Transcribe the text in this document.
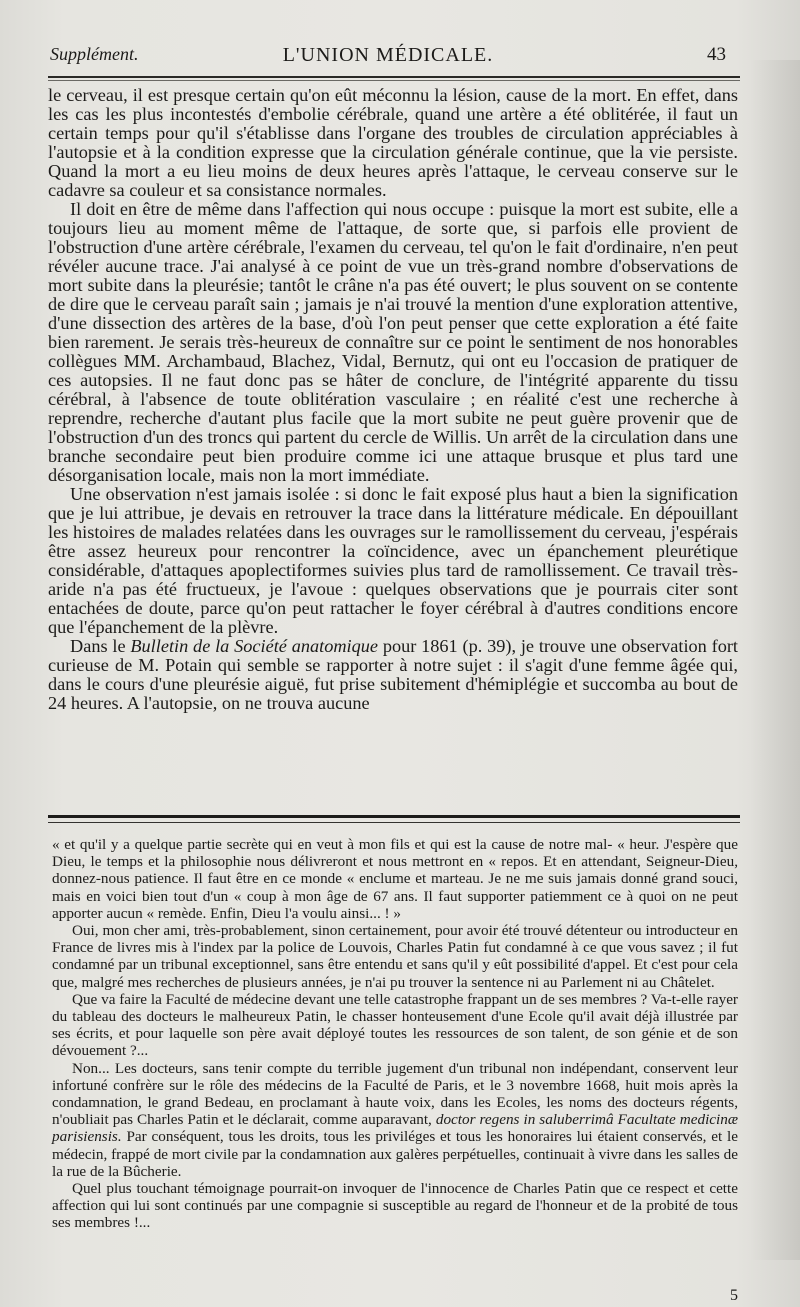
Supplément.	L'UNION MÉDICALE.	43

le cerveau, il est presque certain qu'on eût méconnu la lésion, cause de la mort. En effet, dans les cas les plus incontestés d'embolie cérébrale, quand une artère a été oblitérée, il faut un certain temps pour qu'il s'établisse dans l'organe des troubles de circulation appréciables à l'autopsie et à la condition expresse que la circulation générale continue, que la vie persiste. Quand la mort a eu lieu moins de deux heures après l'attaque, le cerveau conserve sur le cadavre sa couleur et sa consistance normales.

Il doit en être de même dans l'affection qui nous occupe : puisque la mort est subite, elle a toujours lieu au moment même de l'attaque, de sorte que, si parfois elle provient de l'obstruction d'une artère cérébrale, l'examen du cerveau, tel qu'on le fait d'ordinaire, n'en peut révéler aucune trace. J'ai analysé à ce point de vue un très-grand nombre d'observations de mort subite dans la pleurésie; tantôt le crâne n'a pas été ouvert; le plus souvent on se contente de dire que le cerveau paraît sain ; jamais je n'ai trouvé la mention d'une exploration attentive, d'une dissection des artères de la base, d'où l'on peut penser que cette exploration a été faite bien rarement. Je serais très-heureux de connaître sur ce point le sentiment de nos honorables collègues MM. Archambaud, Blachez, Vidal, Bernutz, qui ont eu l'occasion de pratiquer de ces autopsies. Il ne faut donc pas se hâter de conclure, de l'intégrité apparente du tissu cérébral, à l'absence de toute oblitération vasculaire ; en réalité c'est une recherche à reprendre, recherche d'autant plus facile que la mort subite ne peut guère provenir que de l'obstruction d'un des troncs qui partent du cercle de Willis. Un arrêt de la circulation dans une branche secondaire peut bien produire comme ici une attaque brusque et plus tard une désorganisation locale, mais non la mort immédiate.

Une observation n'est jamais isolée : si donc le fait exposé plus haut a bien la signification que je lui attribue, je devais en retrouver la trace dans la littérature médicale. En dépouillant les histoires de malades relatées dans les ouvrages sur le ramollissement du cerveau, j'espérais être assez heureux pour rencontrer la coïncidence, avec un épanchement pleurétique considérable, d'attaques apoplectiformes suivies plus tard de ramollissement. Ce travail très-aride n'a pas été fructueux, je l'avoue : quelques observations que je pourrais citer sont entachées de doute, parce qu'on peut rattacher le foyer cérébral à d'autres conditions encore que l'épanchement de la plèvre.

Dans le Bulletin de la Société anatomique pour 1861 (p. 39), je trouve une observation fort curieuse de M. Potain qui semble se rapporter à notre sujet : il s'agit d'une femme âgée qui, dans le cours d'une pleurésie aiguë, fut prise subitement d'hémiplégie et succomba au bout de 24 heures. A l'autopsie, on ne trouva aucune

« et qu'il y a quelque partie secrète qui en veut à mon fils et qui est la cause de notre mal- « heur. J'espère que Dieu, le temps et la philosophie nous délivreront et nous mettront en « repos. Et en attendant, Seigneur-Dieu, donnez-nous patience. Il faut être en ce monde « enclume et marteau. Je ne me suis jamais donné grand souci, mais en voici bien tout d'un « coup à mon âge de 67 ans. Il faut supporter patiemment ce à quoi on ne peut apporter aucun « remède. Enfin, Dieu l'a voulu ainsi... ! »

Oui, mon cher ami, très-probablement, sinon certainement, pour avoir été trouvé détenteur ou introducteur en France de livres mis à l'index par la police de Louvois, Charles Patin fut condamné à ce que vous savez ; il fut condamné par un tribunal exceptionnel, sans être entendu et sans qu'il y eût possibilité d'appel. Et c'est pour cela que, malgré mes recherches de plusieurs années, je n'ai pu trouver la sentence ni au Parlement ni au Châtelet.

Que va faire la Faculté de médecine devant une telle catastrophe frappant un de ses membres ? Va-t-elle rayer du tableau des docteurs le malheureux Patin, le chasser honteusement d'une Ecole qu'il avait déjà illustrée par ses écrits, et pour laquelle son père avait déployé toutes les ressources de son talent, de son génie et de son dévouement ?...

Non... Les docteurs, sans tenir compte du terrible jugement d'un tribunal non indépendant, conservent leur infortuné confrère sur le rôle des médecins de la Faculté de Paris, et le 3 novembre 1668, huit mois après la condamnation, le grand Bedeau, en proclamant à haute voix, dans les Ecoles, les noms des docteurs régents, n'oubliait pas Charles Patin et le déclarait, comme auparavant, doctor regens in saluberrimâ Facultate medicinæ parisiensis. Par conséquent, tous les droits, tous les priviléges et tous les honoraires lui étaient conservés, et le médecin, frappé de mort civile par la condamnation aux galères perpétuelles, continuait à vivre dans les salles de la rue de la Bûcherie.

Quel plus touchant témoignage pourrait-on invoquer de l'innocence de Charles Patin que ce respect et cette affection qui lui sont continués par une compagnie si susceptible au regard de l'honneur et de la probité de tous ses membres !...

5
